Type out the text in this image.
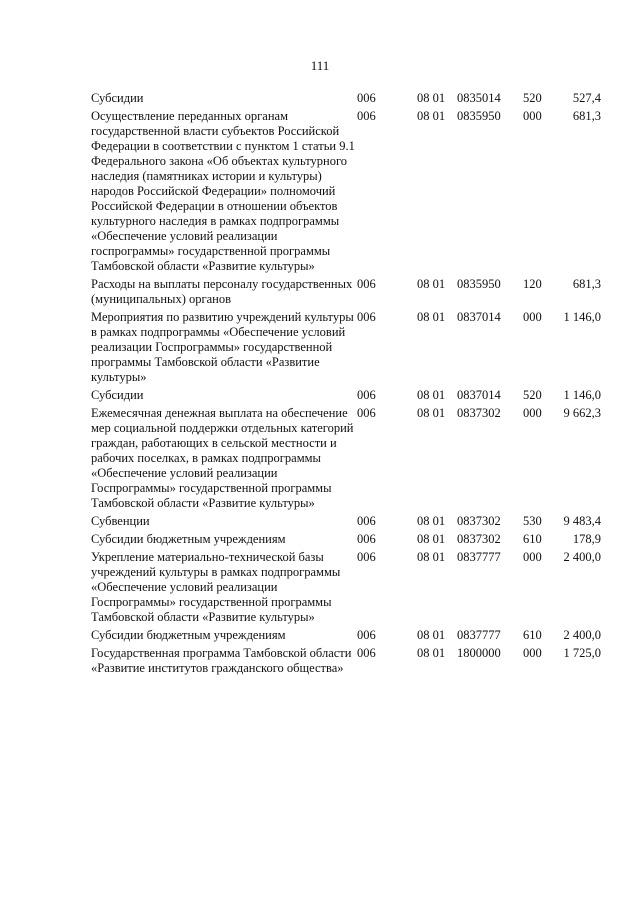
111
Субсидии	006	08 01	0835014	520	527,4
Осуществление переданных органам государственной власти субъектов Российской Федерации в соответствии с пунктом 1 статьи 9.1 Федерального закона «Об объектах культурного наследия (памятниках истории и культуры) народов Российской Федерации» полномочий Российской Федерации в отношении объектов культурного наследия в рамках подпрограммы «Обеспечение условий реализации госпрограммы» государственной программы Тамбовской области «Развитие культуры»	006	08 01	0835950	000	681,3
Расходы на выплаты персоналу государственных (муниципальных) органов	006	08 01	0835950	120	681,3
Мероприятия по развитию учреждений культуры в рамках подпрограммы «Обеспечение условий реализации Госпрограммы» государственной программы Тамбовской области «Развитие культуры»	006	08 01	0837014	000	1 146,0
Субсидии	006	08 01	0837014	520	1 146,0
Ежемесячная денежная выплата на обеспечение мер социальной поддержки отдельных категорий граждан, работающих в сельской местности и рабочих поселках, в рамках подпрограммы «Обеспечение условий реализации Госпрограммы» государственной программы Тамбовской области «Развитие культуры»	006	08 01	0837302	000	9 662,3
Субвенции	006	08 01	0837302	530	9 483,4
Субсидии бюджетным учреждениям	006	08 01	0837302	610	178,9
Укрепление материально-технической базы учреждений культуры в рамках подпрограммы «Обеспечение условий реализации Госпрограммы» государственной программы Тамбовской области «Развитие культуры»	006	08 01	0837777	000	2 400,0
Субсидии бюджетным учреждениям	006	08 01	0837777	610	2 400,0
Государственная программа Тамбовской области «Развитие институтов гражданского общества»	006	08 01	1800000	000	1 725,0
